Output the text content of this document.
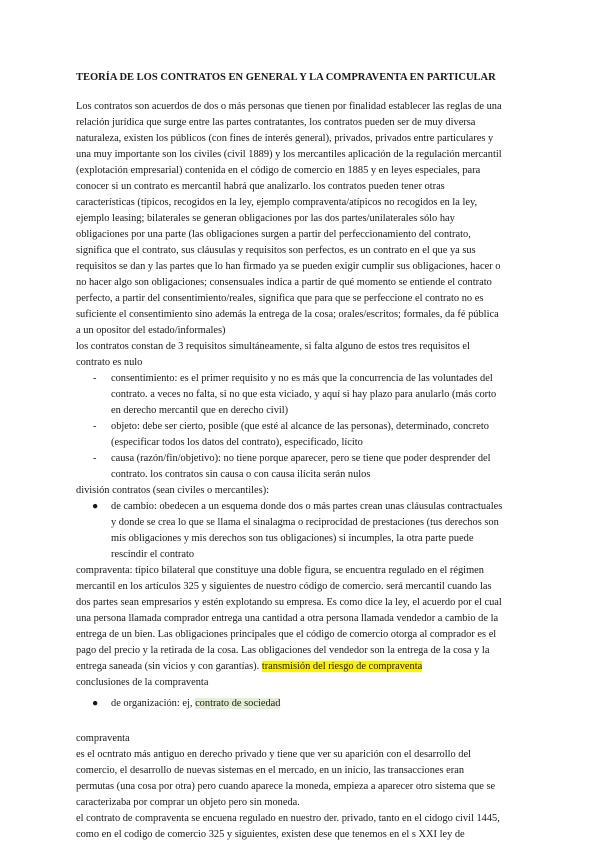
TEORÍA DE LOS CONTRATOS EN GENERAL Y LA COMPRAVENTA EN PARTICULAR
Los contratos son acuerdos de dos o más personas que tienen por finalidad establecer las reglas de una
relación jurídica que surge entre las partes contratantes, los contratos pueden ser de muy diversa
naturaleza, existen los públicos (con fines de interés general), privados, privados entre particulares y
una muy importante son los civiles (civil 1889) y los mercantiles aplicación de la regulación mercantil
(explotación empresarial) contenida en el código de comercio en 1885 y en leyes especiales, para
conocer si un contrato es mercantil habrá que analizarlo. los contratos pueden tener otras
características (típicos, recogidos en la ley, ejemplo compraventa/atípicos no recogidos en la ley,
ejemplo leasing; bilaterales se generan obligaciones por las dos partes/unilaterales sólo hay
obligaciones por una parte (las obligaciones surgen a partir del perfeccionamiento del contrato,
significa que el contrato, sus cláusulas y requisitos son perfectos, es un contrato en el que ya sus
requisitos se dan y las partes que lo han firmado ya se pueden exigir cumplir sus obligaciones, hacer o
no hacer algo son obligaciones; consensuales indica a partir de qué momento se entiende el contrato
perfecto, a partir del consentimiento/reales, significa que para que se perfeccione el contrato no es
suficiente el consentimiento sino además la entrega de la cosa; orales/escritos; formales, da fé pública
a un opositor del estado/informales)
los contratos constan de 3 requisitos simultáneamente, si falta alguno de estos tres requisitos el
contrato es nulo
- consentimiento: es el primer requisito y no es más que la concurrencia de las voluntades del
contrato. a veces no falta, si no que esta viciado, y aquí si hay plazo para anularlo (más corto
en derecho mercantil que en derecho civil)
- objeto: debe ser cierto, posible (que esté al alcance de las personas), determinado, concreto
(especificar todos los datos del contrato), especificado, lícito
- causa (razón/fin/objetivo): no tiene porque aparecer, pero se tiene que poder desprender del
contrato. los contratos sin causa o con causa ilícita serán nulos
división contratos (sean civiles o mercantiles):
● de cambio: obedecen a un esquema donde dos o más partes crean unas cláusulas contractuales
y donde se crea lo que se llama el sinalagma o reciprocidad de prestaciones (tus derechos son
mis obligaciones y mis derechos son tus obligaciones) si incumples, la otra parte puede
rescindir el contrato
compraventa: típico bilateral que constituye una doble figura, se encuentra regulado en el régimen
mercantil en los artículos 325 y siguientes de nuestro código de comercio. será mercantil cuando las
dos partes sean empresarios y estén explotando su empresa. Es como dice la ley, el acuerdo por el cual
una persona llamada comprador entrega una cantidad a otra persona llamada vendedor a cambio de la
entrega de un bien. Las obligaciones principales que el código de comercio otorga al comprador es el
pago del precio y la retirada de la cosa. Las obligaciones del vendedor son la entrega de la cosa y la
entrega saneada (sin vicios y con garantías). transmisión del riesgo de compraventa
conclusiones de la compraventa
● de organización: ej, contrato de sociedad
compraventa
es el ocntrato más antiguo en derecho privado y tiene que ver su aparición con el desarrollo del
comercio, el desarrollo de nuevas sistemas en el mercado, en un inicio, las transacciones eran
permutas (una cosa por otra) pero cuando aparece la moneda, empieza a aparecer otro sistema que se
caracterizaba por comprar un objeto pero sin moneda.
el contrato de compraventa se encuena regulado en nuestro der. privado, tanto en el cidogo civil 1445,
como en el codigo de comercio 325 y siguientes, existen dese que tenemos en el s XXI ley de
